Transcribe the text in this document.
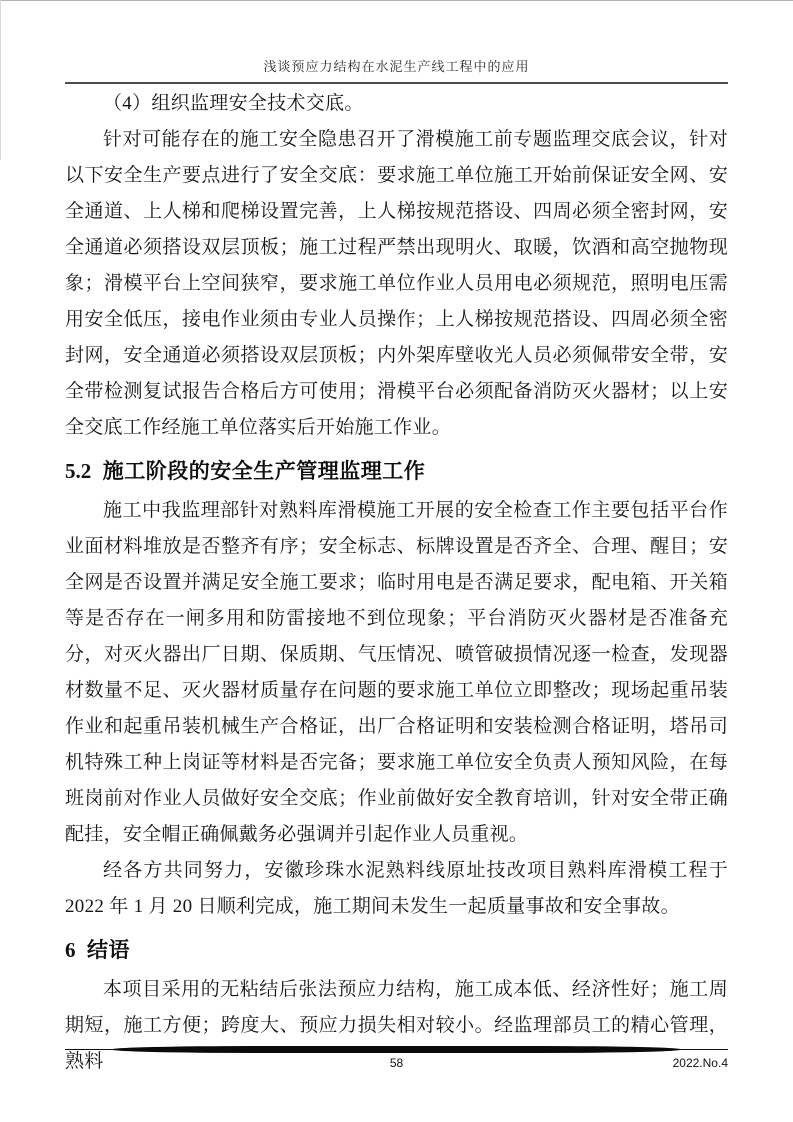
浅谈预应力结构在水泥生产线工程中的应用

（4）组织监理安全技术交底。

针对可能存在的施工安全隐患召开了滑模施工前专题监理交底会议，针对以下安全生产要点进行了安全交底：要求施工单位施工开始前保证安全网、安全通道、上人梯和爬梯设置完善，上人梯按规范搭设、四周必须全密封网，安全通道必须搭设双层顶板；施工过程严禁出现明火、取暖，饮酒和高空抛物现象；滑模平台上空间狭窄，要求施工单位作业人员用电必须规范，照明电压需用安全低压，接电作业须由专业人员操作；上人梯按规范搭设、四周必须全密封网，安全通道必须搭设双层顶板；内外架库壁收光人员必须佩带安全带，安全带检测复试报告合格后方可使用；滑模平台必须配备消防灭火器材；以上安全交底工作经施工单位落实后开始施工作业。

5.2 施工阶段的安全生产管理监理工作

施工中我监理部针对熟料库滑模施工开展的安全检查工作主要包括平台作业面材料堆放是否整齐有序；安全标志、标牌设置是否齐全、合理、醒目；安全网是否设置并满足安全施工要求；临时用电是否满足要求，配电箱、开关箱等是否存在一闸多用和防雷接地不到位现象；平台消防灭火器材是否准备充分，对灭火器出厂日期、保质期、气压情况、喷管破损情况逐一检查，发现器材数量不足、灭火器材质量存在问题的要求施工单位立即整改；现场起重吊装作业和起重吊装机械生产合格证，出厂合格证明和安装检测合格证明，塔吊司机特殊工种上岗证等材料是否完备；要求施工单位安全负责人预知风险，在每班岗前对作业人员做好安全交底；作业前做好安全教育培训，针对安全带正确配挂，安全帽正确佩戴务必强调并引起作业人员重视。

经各方共同努力，安徽珍珠水泥熟料线原址技改项目熟料库滑模工程于 2022 年 1 月 20 日顺利完成，施工期间未发生一起质量事故和安全事故。

6 结语

本项目采用的无粘结后张法预应力结构，施工成本低、经济性好；施工周期短，施工方便；跨度大、预应力损失相对较小。经监理部员工的精心管理，熟料	58	2022.No.4
